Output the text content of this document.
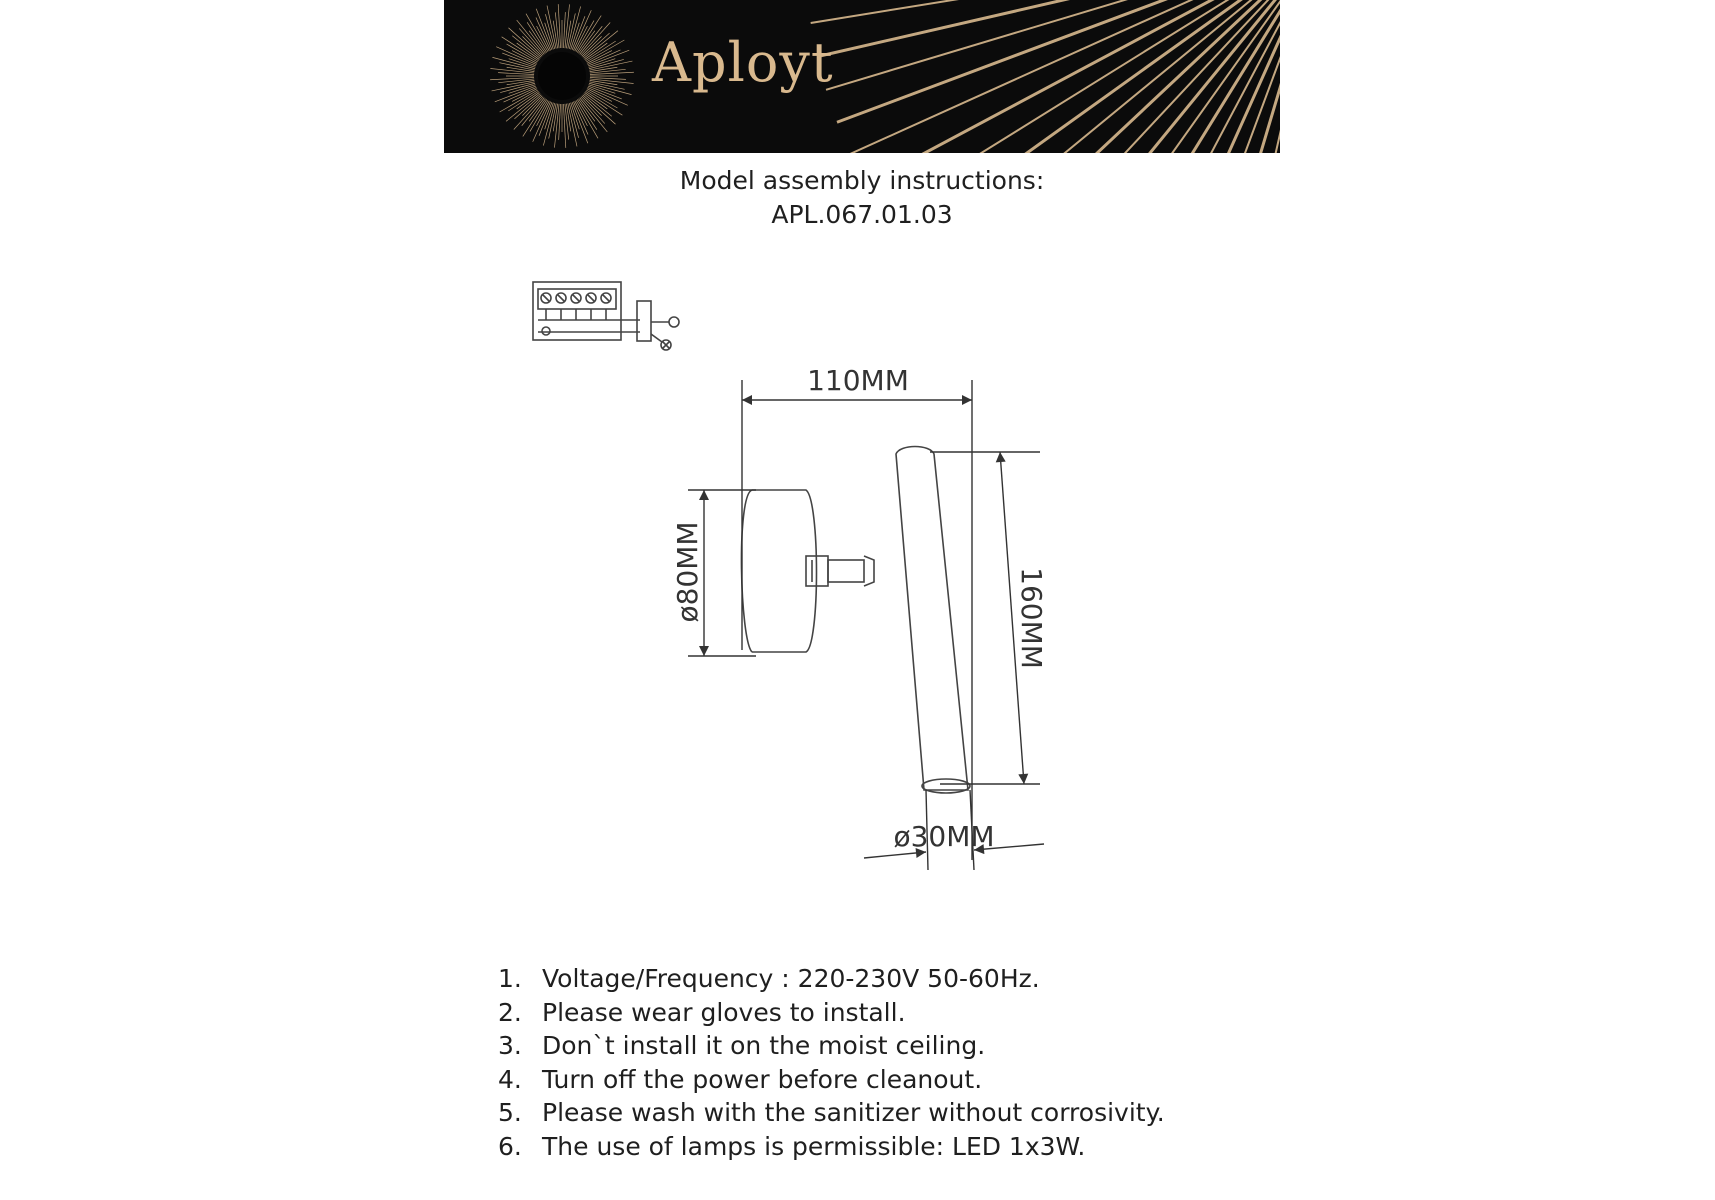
Aployt
Model assembly instructions:
APL.067.01.03
110MM
ø80MM	160MM
ø30MM
1. Voltage/Frequency : 220-230V 50-60Hz.
2. Please wear gloves to install.
3. Don`t install it on the moist ceiling.
4. Turn off the power before cleanout.
5. Please wash with the sanitizer without corrosivity.
6. The use of lamps is permissible: LED 1x3W.
